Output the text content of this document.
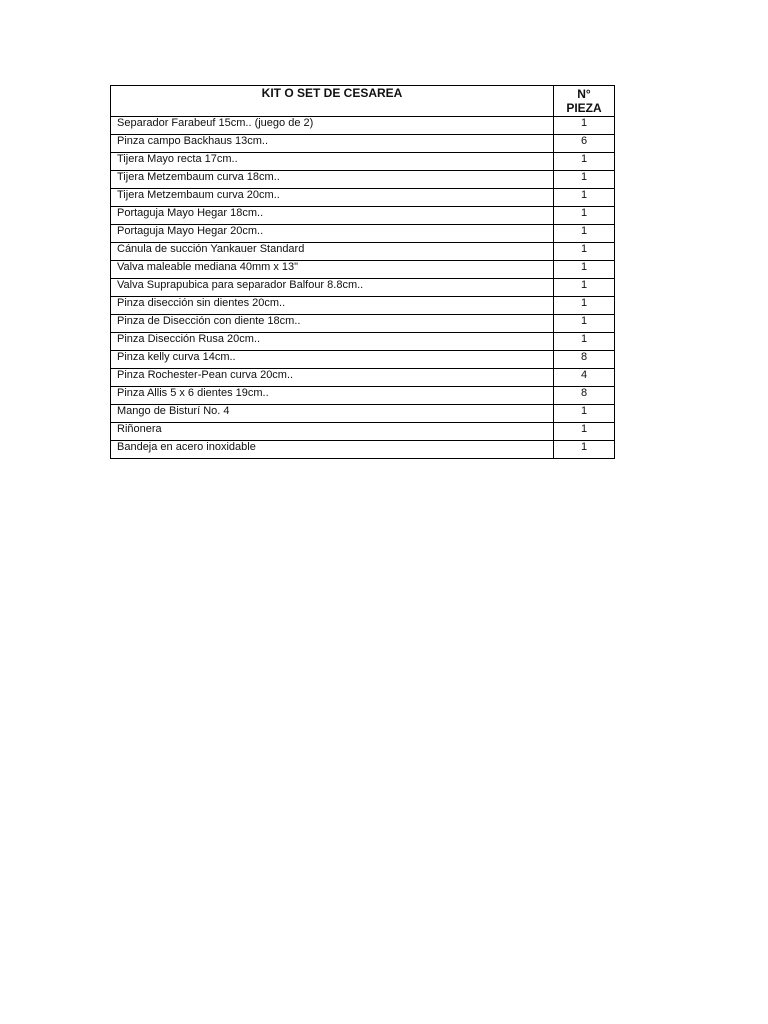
KIT O SET DE CESAREA	N°
PIEZA
Separador Farabeuf 15cm.. (juego de 2)	1
Pinza campo Backhaus 13cm..	6
Tijera Mayo recta 17cm..	1
Tijera Metzembaum curva 18cm..	1
Tijera Metzembaum curva 20cm..	1
Portaguja Mayo Hegar 18cm..	1
Portaguja Mayo Hegar 20cm..	1
Cánula de succión Yankauer Standard	1
Valva maleable mediana 40mm x 13"	1
Valva Suprapubica para separador Balfour 8.8cm..	1
Pinza disección sin dientes 20cm..	1
Pinza de Disección con diente 18cm..	1
Pinza Disección Rusa 20cm..	1
Pinza kelly curva 14cm..	8
Pinza Rochester-Pean curva 20cm..	4
Pinza Allis 5 x 6 dientes 19cm..	8
Mango de Bisturí No. 4	1
Riñonera	1
Bandeja en acero inoxidable	1
